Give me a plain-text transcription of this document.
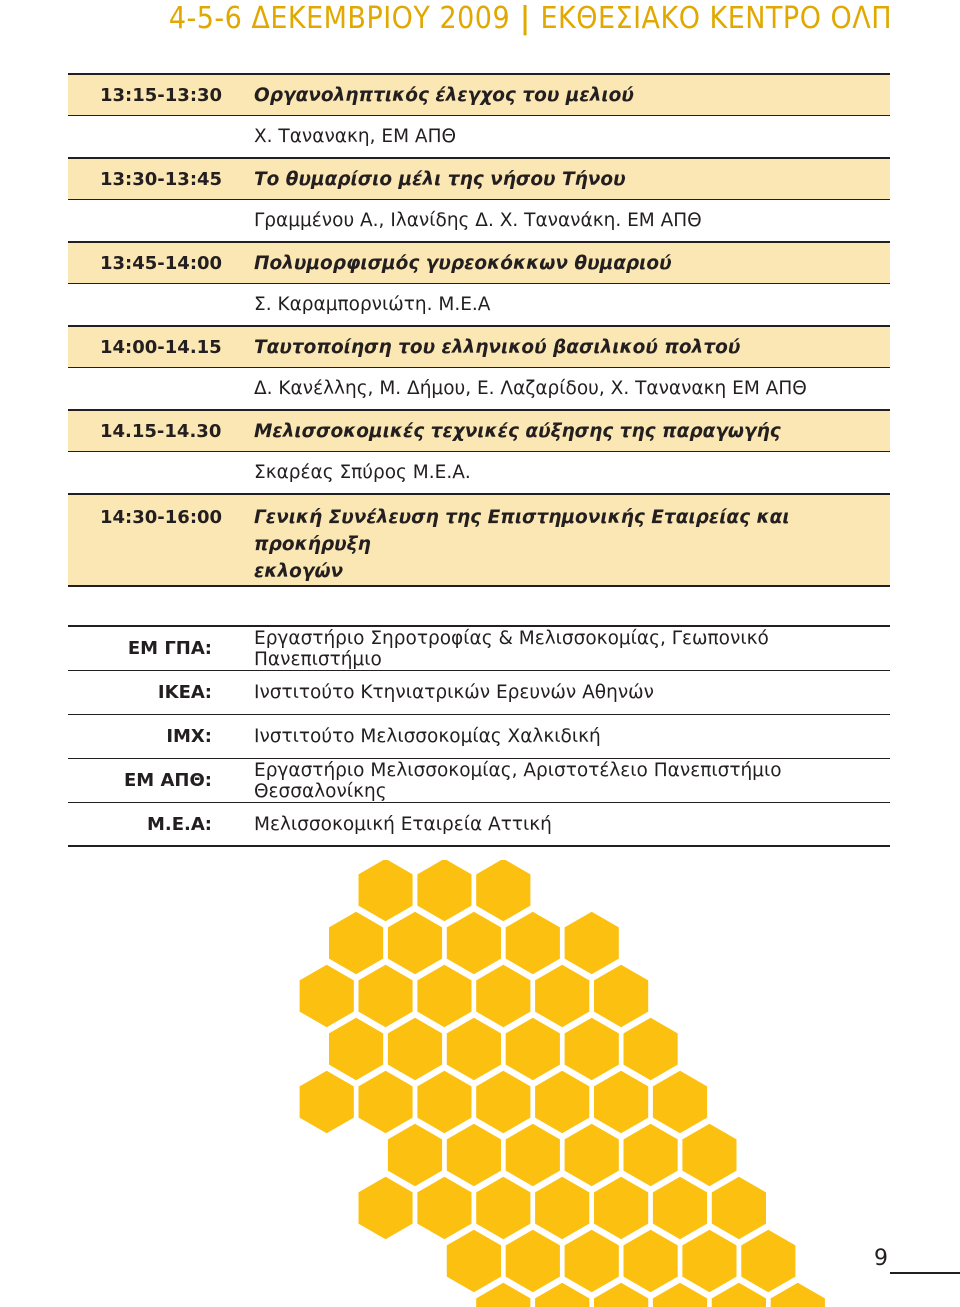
4-5-6 ΔΕΚΕΜΒΡΙΟΥ 2009 | ΕΚΘΕΣΙΑΚΟ ΚΕΝΤΡΟ ΟΛΠ
13:15-13:30	Οργανοληπτικός έλεγχος του μελιού
Χ. Τανανακη, ΕΜ ΑΠΘ
13:30-13:45	Το θυμαρίσιο μέλι της νήσου Τήνου
Γραμμένου Α., Ιλανίδης Δ. Χ. Τανανάκη. ΕΜ ΑΠΘ
13:45-14:00	Πολυμορφισμός γυρεοκόκκων θυμαριού
Σ. Καραμπορνιώτη. Μ.Ε.Α
14:00-14.15	Ταυτοποίηση του ελληνικού βασιλικού πολτού
Δ. Κανέλλης, Μ. Δήμου, Ε. Λαζαρίδου, Χ. Τανανακη ΕΜ ΑΠΘ
14.15-14.30	Μελισσοκομικές τεχνικές αύξησης της παραγωγής
Σκαρέας Σπύρος Μ.Ε.Α.
14:30-16:00	Γενική Συνέλευση της Επιστημονικής Εταιρείας και προκήρυξη
εκλογών
ΕΜ ΓΠΑ:	Εργαστήριο Σηροτροφίας & Μελισσοκομίας, Γεωπονικό Πανεπιστήμιο
ΙΚΕΑ:	Ινστιτούτο Κτηνιατρικών Ερευνών Αθηνών
ΙΜΧ:	Ινστιτούτο Μελισσοκομίας Χαλκιδική
ΕΜ ΑΠΘ:	Εργαστήριο Μελισσοκομίας, Αριστοτέλειο Πανεπιστήμιο Θεσσαλονίκης
Μ.Ε.Α:	Μελισσοκομική Εταιρεία Αττική
9
